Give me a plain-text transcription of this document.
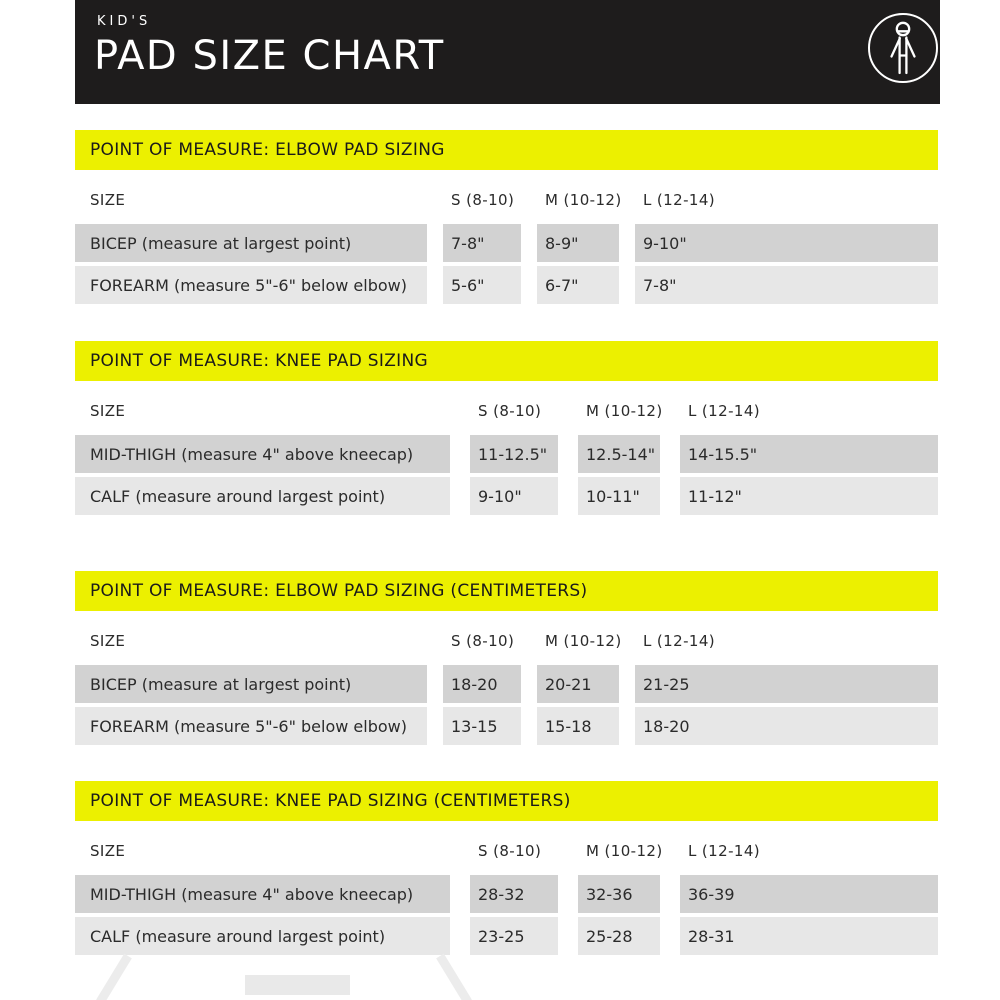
KID'S
PAD SIZE CHART
POINT OF MEASURE: ELBOW PAD SIZING
SIZE	S (8-10)	M (10-12)	L (12-14)
BICEP (measure at largest point)	7-8"	8-9"	9-10"
FOREARM (measure 5"-6" below elbow)	5-6"	6-7"	7-8"
POINT OF MEASURE: KNEE PAD SIZING
SIZE	S (8-10)	M (10-12)	L (12-14)
MID-THIGH (measure 4" above kneecap)	11-12.5"	12.5-14"	14-15.5"
CALF (measure around largest point)	9-10"	10-11"	11-12"
POINT OF MEASURE: ELBOW PAD SIZING (CENTIMETERS)
SIZE	S (8-10)	M (10-12)	L (12-14)
BICEP (measure at largest point)	18-20	20-21	21-25
FOREARM (measure 5"-6" below elbow)	13-15	15-18	18-20
POINT OF MEASURE: KNEE PAD SIZING (CENTIMETERS)
SIZE	S (8-10)	M (10-12)	L (12-14)
MID-THIGH (measure 4" above kneecap)	28-32	32-36	36-39
CALF (measure around largest point)	23-25	25-28	28-31
